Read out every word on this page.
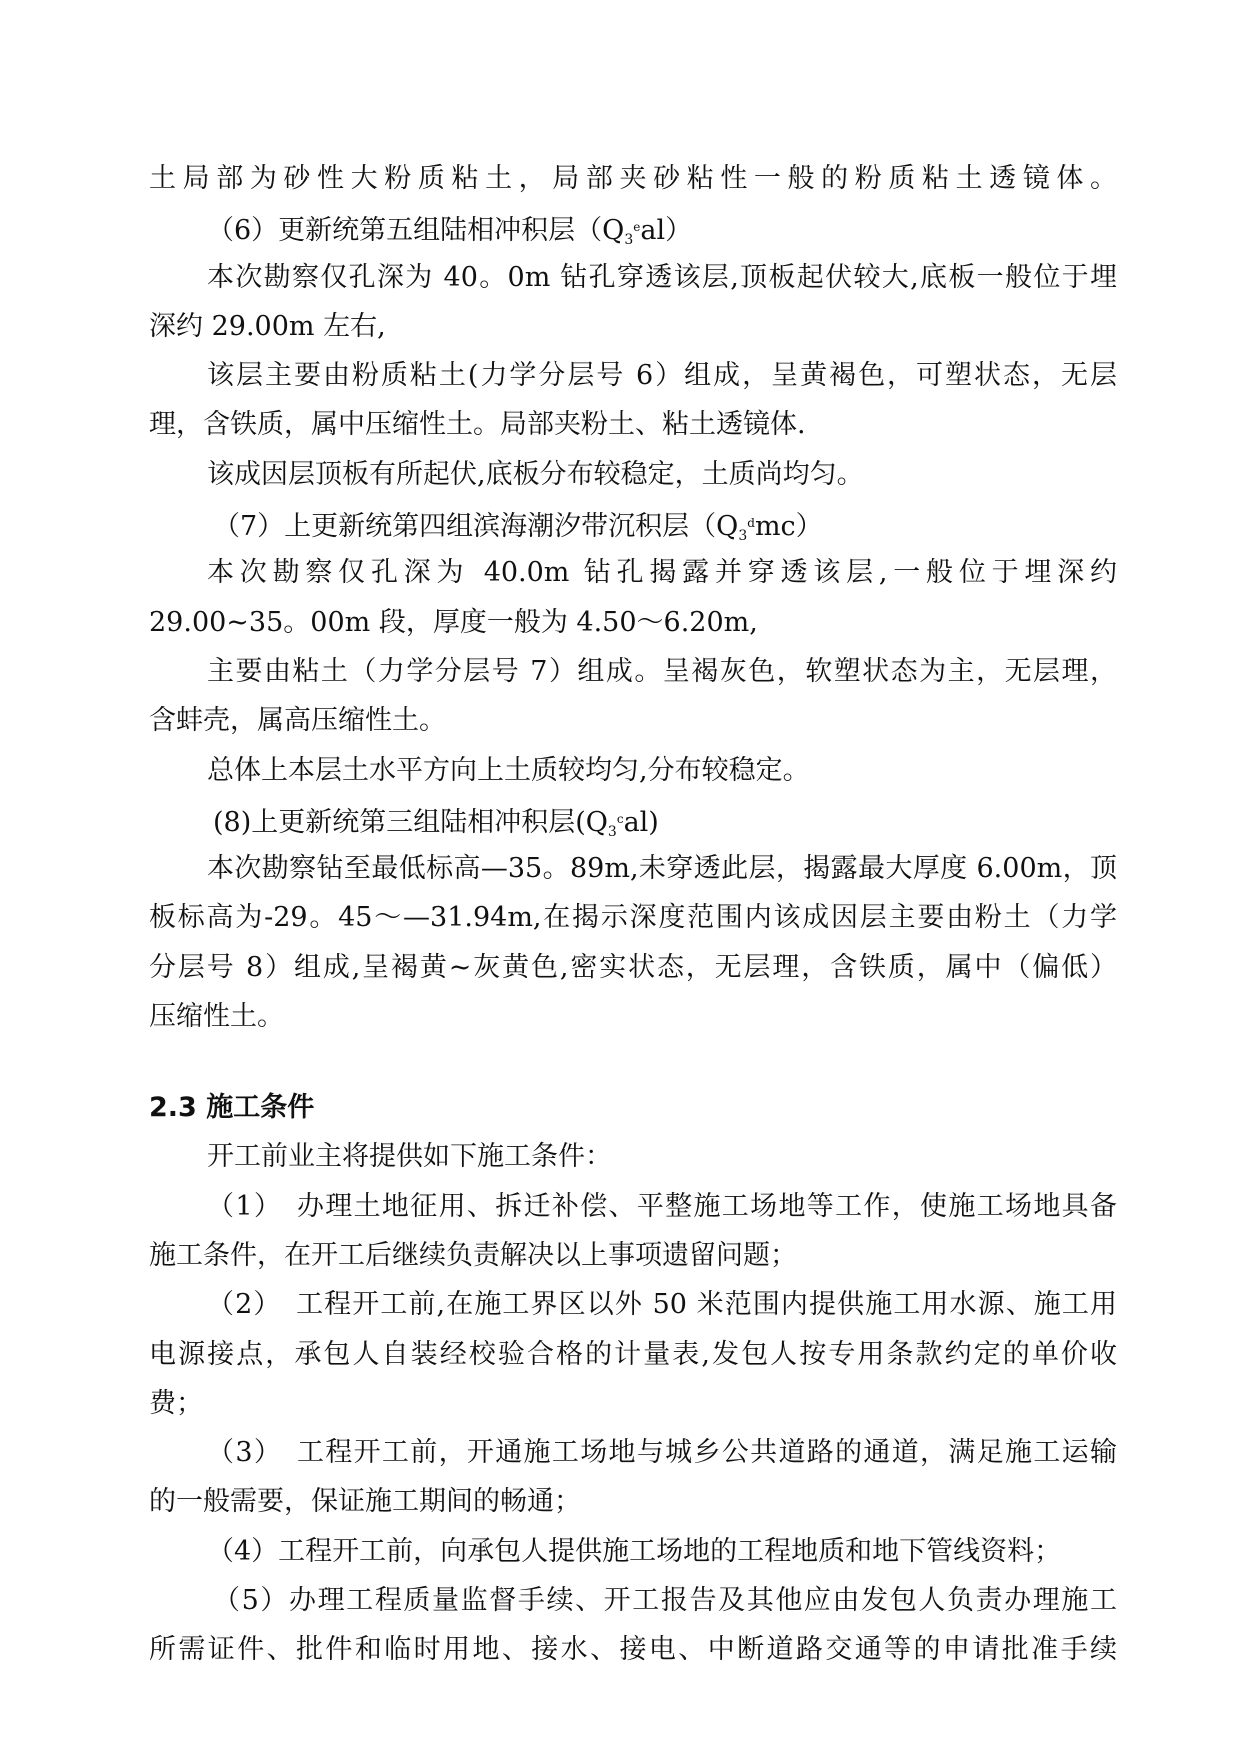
土局部为砂性大粉质粘土，局部夹砂粘性一般的粉质粘土透镜体。
（6）更新统第五组陆相冲积层$(Q_3^eal)$
本次勘察仅孔深为 40。0m 钻孔穿透该层,顶板起伏较大,底板一般位于埋
深约 29.00m 左右,
该层主要由粉质粘土(力学分层号 6）组成，呈黄褐色，可塑状态，无层
理，含铁质，属中压缩性土。局部夹粉土、粘土透镜体.
该成因层顶板有所起伏,底板分布较稳定，土质尚均匀。
（7）上更新统第四组滨海潮汐带沉积层$(Q_3^dmc)$
本次勘察仅孔深为 40.0m 钻孔揭露并穿透该层,一般位于埋深约
29.00~35。00m 段，厚度一般为 4.50～6.20m,
主要由粘土（力学分层号 7）组成。呈褐灰色，软塑状态为主，无层理，
含蚌壳，属高压缩性土。
总体上本层土水平方向上土质较均匀,分布较稳定。
(8)上更新统第三组陆相冲积层$(Q_3^cal)$
本次勘察钻至最低标高—35。89m,未穿透此层，揭露最大厚度 6.00m，顶
板标高为-29。45～—31.94m,在揭示深度范围内该成因层主要由粉土（力学
分层号 8）组成,呈褐黄~灰黄色,密实状态，无层理，含铁质，属中（偏低）
压缩性土。
2.3 施工条件
开工前业主将提供如下施工条件：
（1）　办理土地征用、拆迁补偿、平整施工场地等工作，使施工场地具备
施工条件，在开工后继续负责解决以上事项遗留问题；
（2）　工程开工前,在施工界区以外 50 米范围内提供施工用水源、施工用
电源接点，承包人自装经校验合格的计量表,发包人按专用条款约定的单价收
费；
（3）　工程开工前，开通施工场地与城乡公共道路的通道，满足施工运输
的一般需要，保证施工期间的畅通；
（4）工程开工前，向承包人提供施工场地的工程地质和地下管线资料；
（5）办理工程质量监督手续、开工报告及其他应由发包人负责办理施工
所需证件、批件和临时用地、接水、接电、中断道路交通等的申请批准手续
